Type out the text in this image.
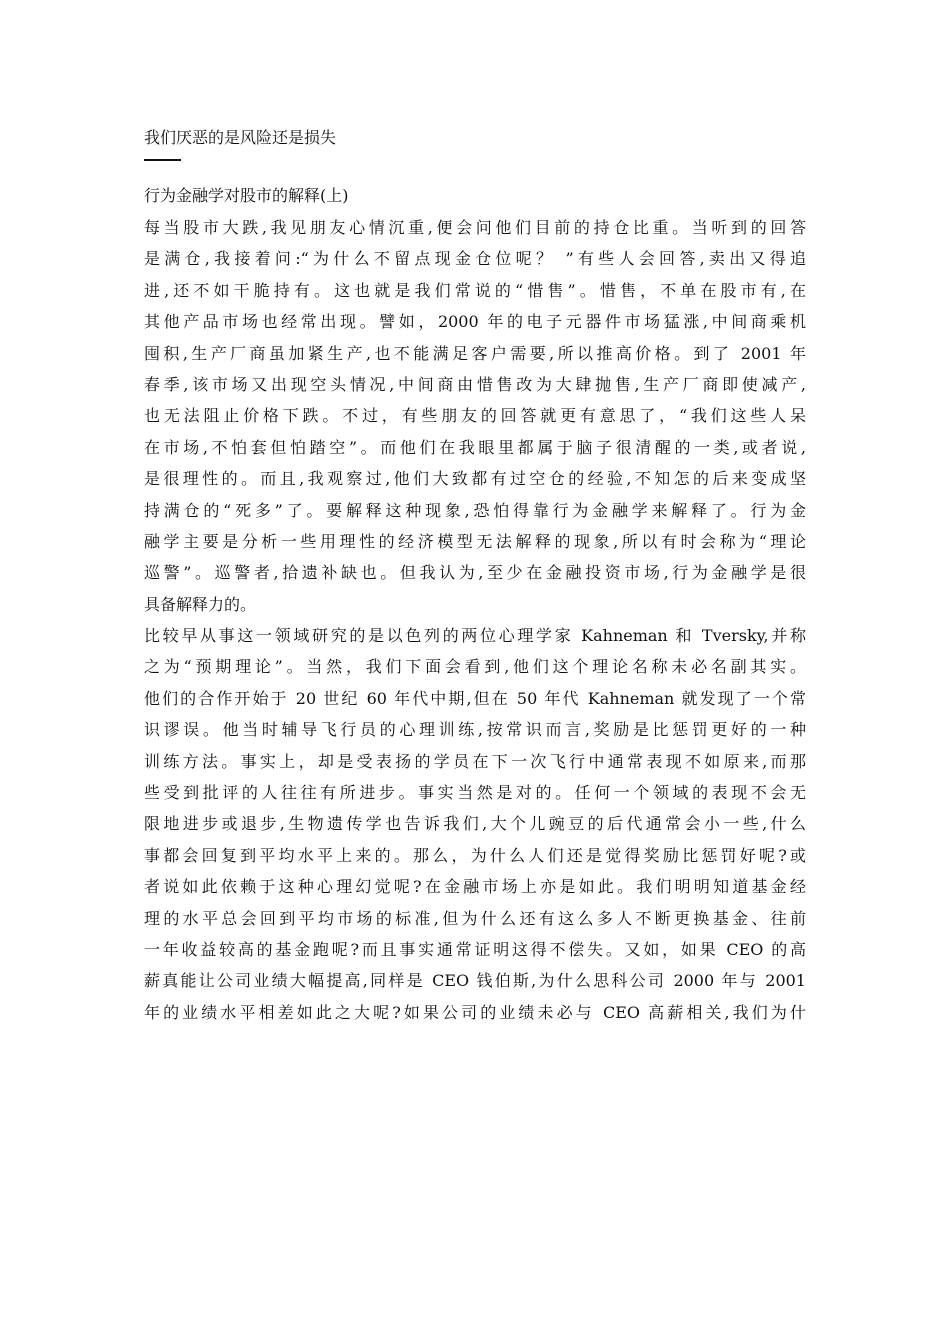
我们厌恶的是风险还是损失
行为金融学对股市的解释(上)
每当股市大跌,我见朋友心情沉重,便会问他们目前的持仓比重。当听到的回答
是满仓,我接着问:“为什么不留点现金仓位呢？ ”有些人会回答,卖出又得追
进,还不如干脆持有。这也就是我们常说的“惜售”。惜售，不单在股市有,在
其他产品市场也经常出现。譬如，2000 年的电子元器件市场猛涨,中间商乘机
囤积,生产厂商虽加紧生产,也不能满足客户需要,所以推高价格。到了 2001 年
春季,该市场又出现空头情况,中间商由惜售改为大肆抛售,生产厂商即使减产,
也无法阻止价格下跌。不过，有些朋友的回答就更有意思了，“我们这些人呆
在市场,不怕套但怕踏空”。而他们在我眼里都属于脑子很清醒的一类,或者说,
是很理性的。而且,我观察过,他们大致都有过空仓的经验,不知怎的后来变成坚
持满仓的“死多”了。要解释这种现象,恐怕得靠行为金融学来解释了。行为金
融学主要是分析一些用理性的经济模型无法解释的现象,所以有时会称为“理论
巡警”。巡警者,拾遗补缺也。但我认为,至少在金融投资市场,行为金融学是很
具备解释力的。
比较早从事这一领域研究的是以色列的两位心理学家 Kahneman 和 Tversky,并称
之为“预期理论”。当然，我们下面会看到,他们这个理论名称未必名副其实。
他们的合作开始于 20 世纪 60 年代中期,但在 50 年代 Kahneman 就发现了一个常
识谬误。他当时辅导飞行员的心理训练,按常识而言,奖励是比惩罚更好的一种
训练方法。事实上，却是受表扬的学员在下一次飞行中通常表现不如原来,而那
些受到批评的人往往有所进步。事实当然是对的。任何一个领域的表现不会无
限地进步或退步,生物遗传学也告诉我们,大个儿豌豆的后代通常会小一些,什么
事都会回复到平均水平上来的。那么，为什么人们还是觉得奖励比惩罚好呢?或
者说如此依赖于这种心理幻觉呢?在金融市场上亦是如此。我们明明知道基金经
理的水平总会回到平均市场的标准,但为什么还有这么多人不断更换基金、往前
一年收益较高的基金跑呢?而且事实通常证明这得不偿失。又如，如果 CEO 的高
薪真能让公司业绩大幅提高,同样是 CEO 钱伯斯,为什么思科公司 2000 年与 2001
年的业绩水平相差如此之大呢?如果公司的业绩未必与 CEO 高薪相关,我们为什
